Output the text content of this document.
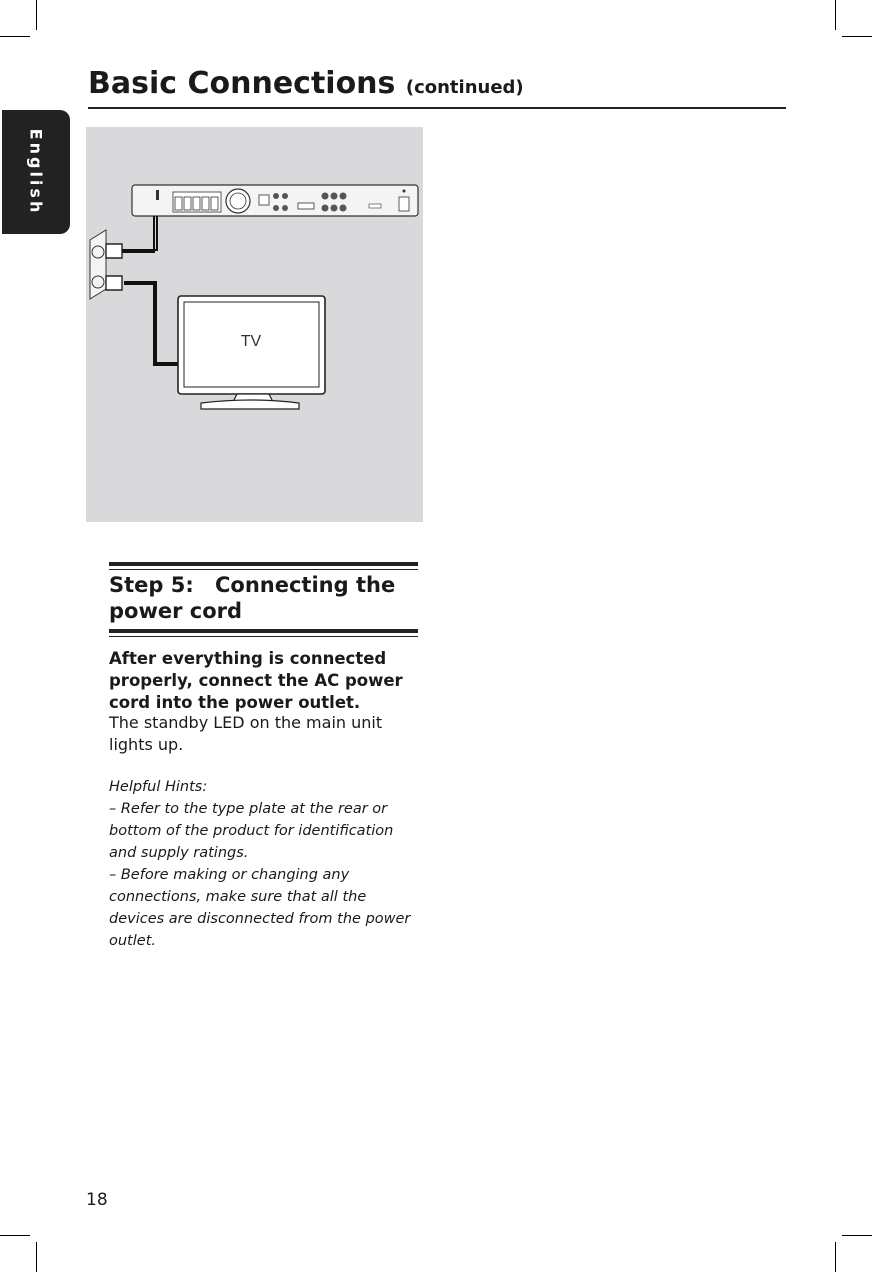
English
Basic Connections (continued)
TV
Step 5: Connecting the power cord

After everything is connected properly, connect the AC power cord into the power outlet.

The standby LED on the main unit lights up.

Helpful Hints:
– Refer to the type plate at the rear or bottom of the product for identification and supply ratings.
– Before making or changing any connections, make sure that all the devices are disconnected from the power outlet.
18
